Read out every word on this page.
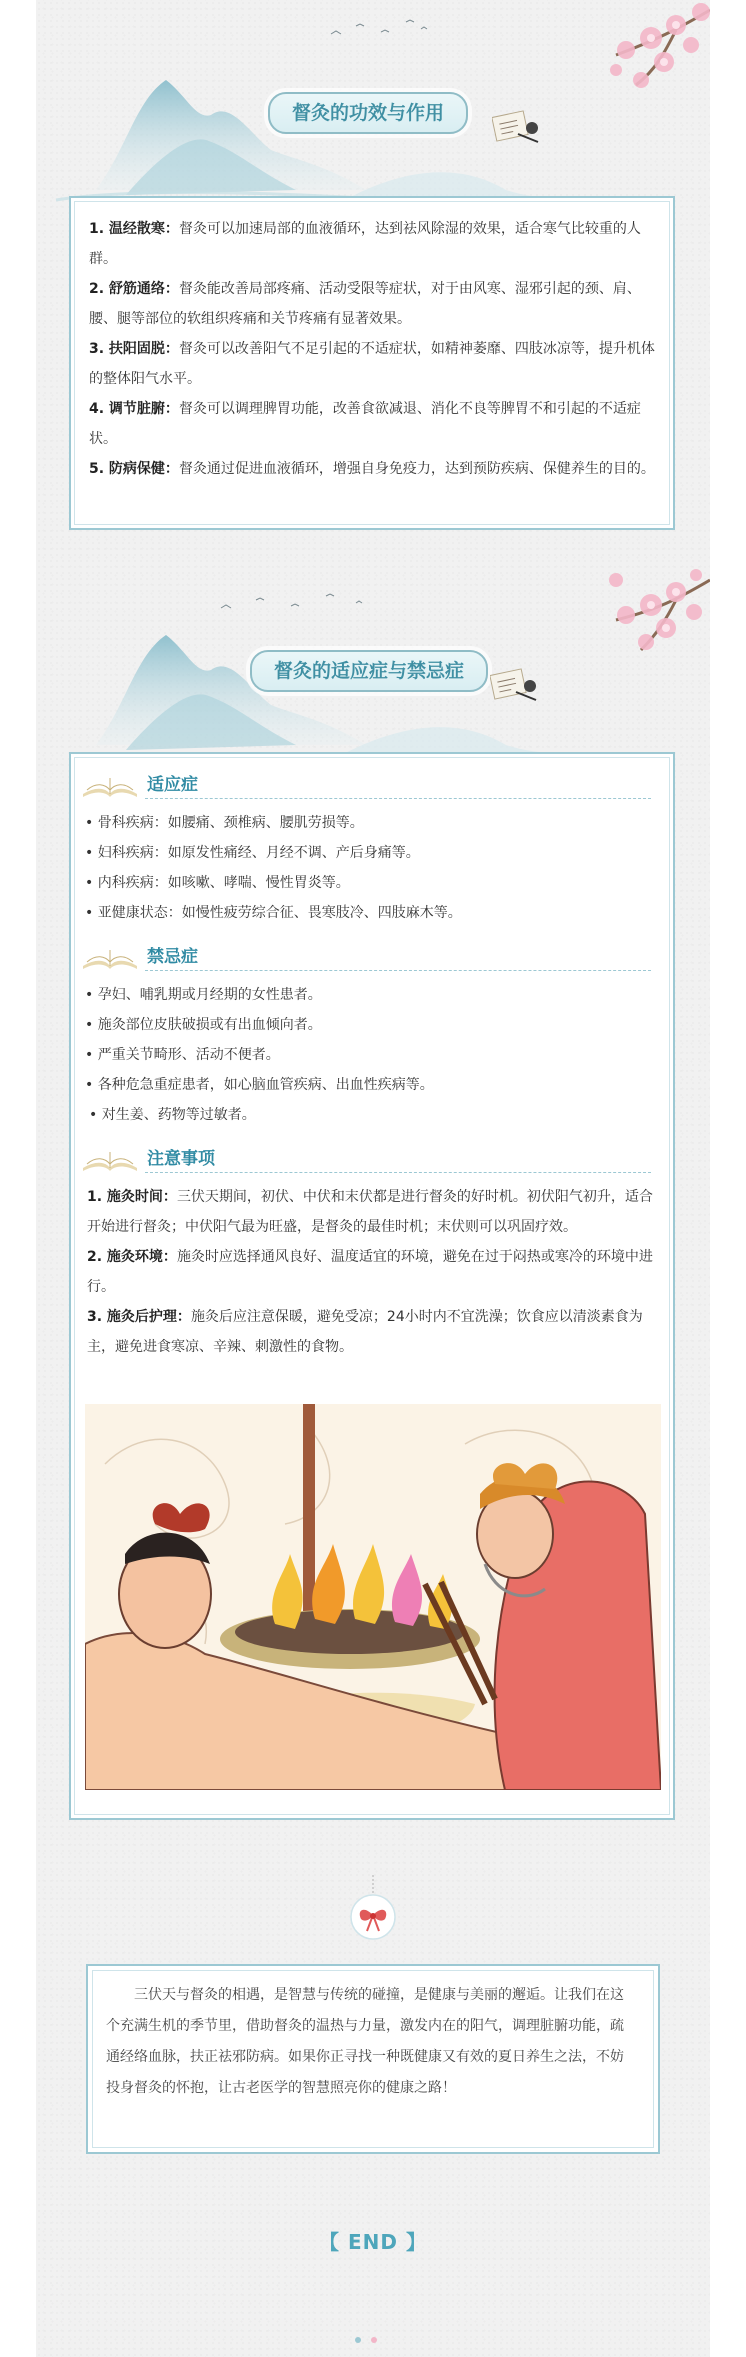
督灸的功效与作用
1. 温经散寒：督灸可以加速局部的血液循环，达到祛风除湿的效果，适合寒气比较重的人群。
2. 舒筋通络：督灸能改善局部疼痛、活动受限等症状，对于由风寒、湿邪引起的颈、肩、腰、腿等部位的软组织疼痛和关节疼痛有显著效果。
3. 扶阳固脱：督灸可以改善阳气不足引起的不适症状，如精神萎靡、四肢冰凉等，提升机体的整体阳气水平。
4. 调节脏腑：督灸可以调理脾胃功能，改善食欲减退、消化不良等脾胃不和引起的不适症状。
5. 防病保健：督灸通过促进血液循环，增强自身免疫力，达到预防疾病、保健养生的目的。
督灸的适应症与禁忌症
适应症
• 骨科疾病：如腰痛、颈椎病、腰肌劳损等。
• 妇科疾病：如原发性痛经、月经不调、产后身痛等。
• 内科疾病：如咳嗽、哮喘、慢性胃炎等。
• 亚健康状态：如慢性疲劳综合征、畏寒肢冷、四肢麻木等。
禁忌症
• 孕妇、哺乳期或月经期的女性患者。
• 施灸部位皮肤破损或有出血倾向者。
• 严重关节畸形、活动不便者。
• 各种危急重症患者，如心脑血管疾病、出血性疾病等。
• 对生姜、药物等过敏者。
注意事项
1. 施灸时间：三伏天期间，初伏、中伏和末伏都是进行督灸的好时机。初伏阳气初升，适合开始进行督灸；中伏阳气最为旺盛，是督灸的最佳时机；末伏则可以巩固疗效。
2. 施灸环境：施灸时应选择通风良好、温度适宜的环境，避免在过于闷热或寒冷的环境中进行。
3. 施灸后护理：施灸后应注意保暖，避免受凉；24小时内不宜洗澡；饮食应以清淡素食为主，避免进食寒凉、辛辣、刺激性的食物。

三伏天与督灸的相遇，是智慧与传统的碰撞，是健康与美丽的邂逅。让我们在这个充满生机的季节里，借助督灸的温热与力量，激发内在的阳气，调理脏腑功能，疏通经络血脉，扶正祛邪防病。如果你正寻找一种既健康又有效的夏日养生之法，不妨投身督灸的怀抱，让古老医学的智慧照亮你的健康之路！

【 END 】
